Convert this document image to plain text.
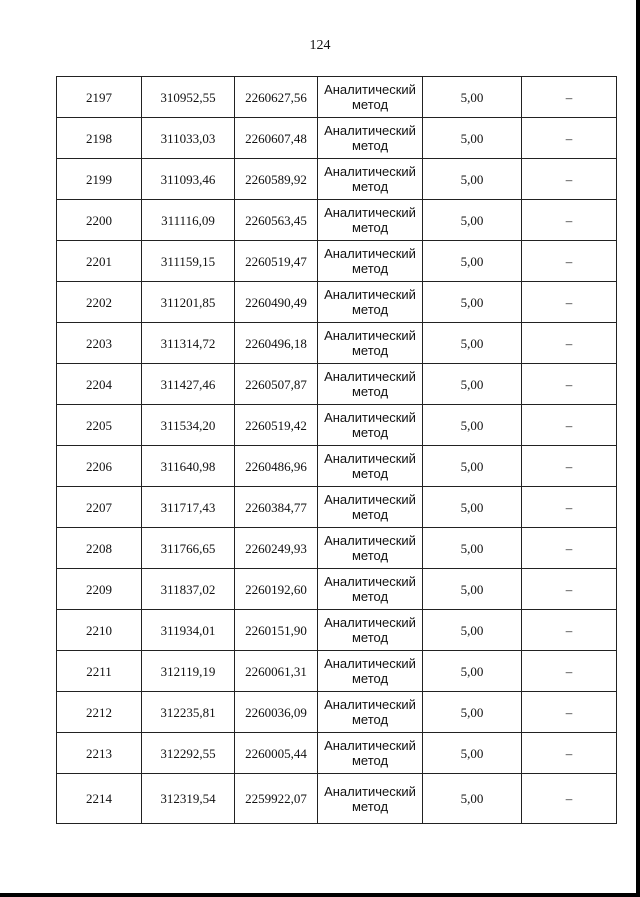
124
2197	310952,55	2260627,56	Аналитический метод	5,00	–
2198	311033,03	2260607,48	Аналитический метод	5,00	–
2199	311093,46	2260589,92	Аналитический метод	5,00	–
2200	311116,09	2260563,45	Аналитический метод	5,00	–
2201	311159,15	2260519,47	Аналитический метод	5,00	–
2202	311201,85	2260490,49	Аналитический метод	5,00	–
2203	311314,72	2260496,18	Аналитический метод	5,00	–
2204	311427,46	2260507,87	Аналитический метод	5,00	–
2205	311534,20	2260519,42	Аналитический метод	5,00	–
2206	311640,98	2260486,96	Аналитический метод	5,00	–
2207	311717,43	2260384,77	Аналитический метод	5,00	–
2208	311766,65	2260249,93	Аналитический метод	5,00	–
2209	311837,02	2260192,60	Аналитический метод	5,00	–
2210	311934,01	2260151,90	Аналитический метод	5,00	–
2211	312119,19	2260061,31	Аналитический метод	5,00	–
2212	312235,81	2260036,09	Аналитический метод	5,00	–
2213	312292,55	2260005,44	Аналитический метод	5,00	–
2214	312319,54	2259922,07	Аналитический метод	5,00	–
